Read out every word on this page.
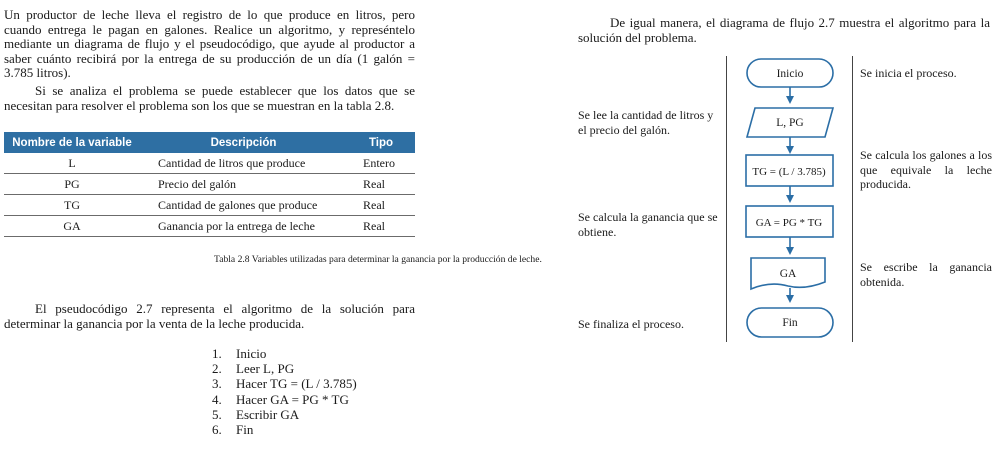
Un productor de leche lleva el registro de lo que produce en litros, pero cuando entrega le pagan en galones. Realice un algoritmo, y represéntelo mediante un diagrama de flujo y el pseudocódigo, que ayude al productor a saber cuánto recibirá por la entrega de su producción de un día (1 galón = 3.785 litros).

Si se analiza el problema se puede establecer que los datos que se necesitan para resolver el problema son los que se muestran en la tabla 2.8.

Nombre de la variable	Descripción	Tipo
L	Cantidad de litros que produce	Entero
PG	Precio del galón	Real
TG	Cantidad de galones que produce	Real
GA	Ganancia por la entrega de leche	Real
Tabla 2.8 Variables utilizadas para determinar la ganancia por la producción de leche.

El pseudocódigo 2.7 representa el algoritmo de la solución para determinar la ganancia por la venta de la leche producida.

1.	Inicio
2.	Leer L, PG
3.	Hacer TG = (L / 3.785)
4.	Hacer GA = PG * TG
5.	Escribir GA
6.	Fin

De igual manera, el diagrama de flujo 2.7 muestra el algoritmo para la solución del problema.

Se lee la cantidad de litros y el precio del galón.

Se calcula la ganancia que se obtiene.

Se finaliza el proceso.

Se inicia el proceso.

Se calcula los galones a los que equivale la leche producida.

Se escribe la ganancia obtenida.

Inicio
L, PG
TG = (L / 3.785)
GA = PG * TG
GA
Fin
